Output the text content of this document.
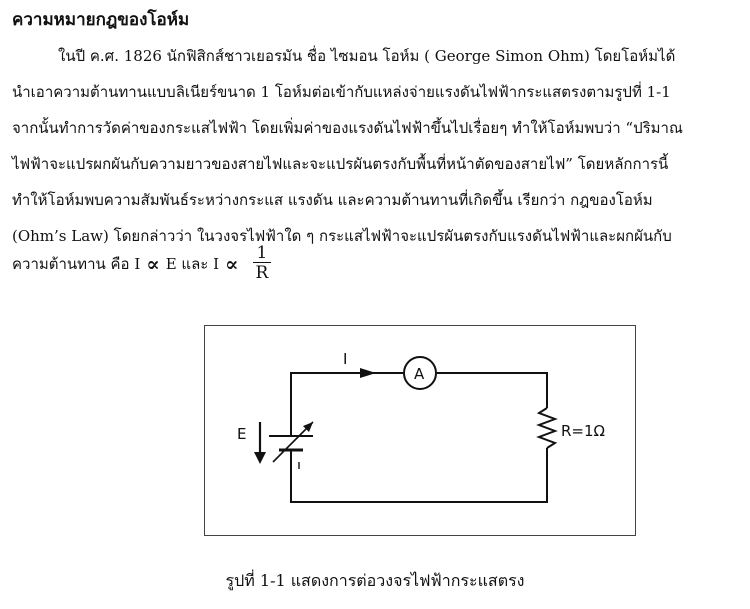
ความหมายกฎของโอห์ม
ในปี ค.ศ. 1826 นักฟิสิกส์ชาวเยอรมัน ชื่อ ไซมอน โอห์ม ( George Simon Ohm) โดยโอห์มได้
นำเอาความต้านทานแบบลิเนียร์ขนาด 1 โอห์มต่อเข้ากับแหล่งจ่ายแรงดันไฟฟ้ากระแสตรงตามรูปที่ 1-1
จากนั้นทำการวัดค่าของกระแสไฟฟ้า โดยเพิ่มค่าของแรงดันไฟฟ้าขึ้นไปเรื่อยๆ ทำให้โอห์มพบว่า “ปริมาณ
ไฟฟ้าจะแปรผกผันกับความยาวของสายไฟและจะแปรผันตรงกับพื้นที่หน้าตัดของสายไฟ” โดยหลักการนี้
ทำให้โอห์มพบความสัมพันธ์ระหว่างกระแส แรงดัน และความต้านทานที่เกิดขึ้น เรียกว่า กฎของโอห์ม
(Ohm’s Law) โดยกล่าวว่า ในวงจรไฟฟ้าใด ๆ กระแสไฟฟ้าจะแปรผันตรงกับแรงดันไฟฟ้าและผกผันกับ
ความต้านทาน คือ I ∝ E และ $I \propto \frac{1}{R}$
I
A
E	R=1Ω
รูปที่ 1-1 แสดงการต่อวงจรไฟฟ้ากระแสตรง
